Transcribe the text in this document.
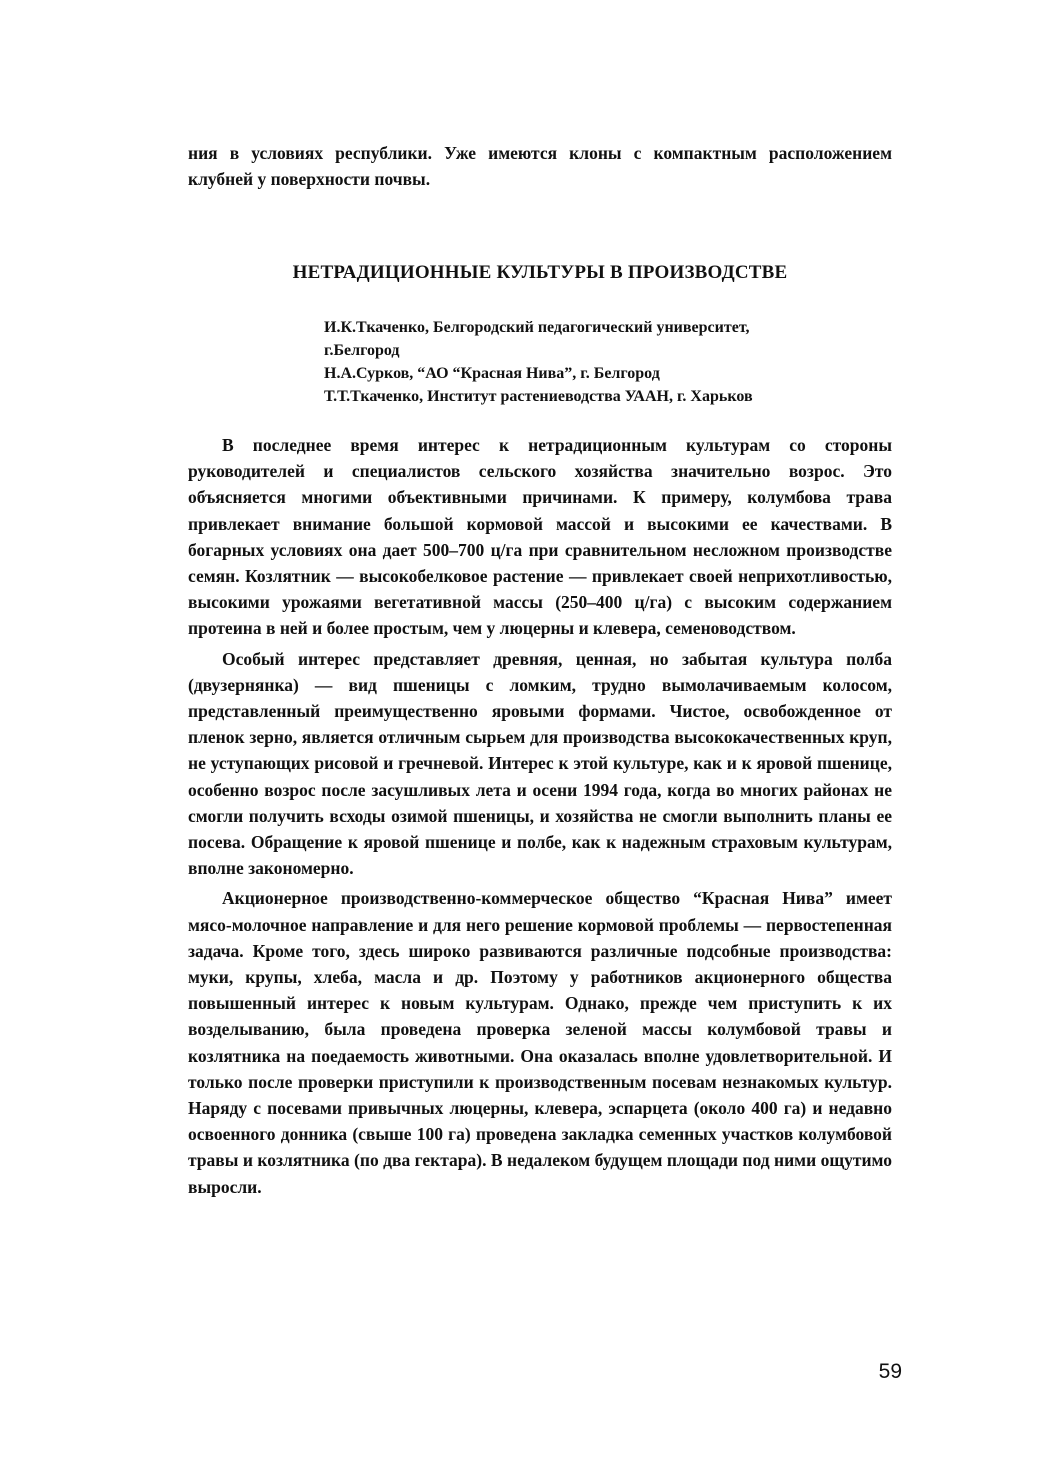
ния в условиях республики. Уже имеются клоны с компактным расположением клубней у поверхности почвы.

НЕТРАДИЦИОННЫЕ КУЛЬТУРЫ В ПРОИЗВОДСТВЕ
И.К.Ткаченко, Белгородский педагогический университет,
г.Белгород
Н.А.Сурков, “АО “Красная Нива”, г. Белгород
Т.Т.Ткаченко, Институт растениеводства УААН, г. Харьков

В последнее время интерес к нетрадиционным культурам со стороны руководителей и специалистов сельского хозяйства значительно возрос. Это объясняется многими объективными причинами. К примеру, колумбова трава привлекает внимание большой кормовой массой и высокими ее качествами. В богарных условиях она дает 500–700 ц/га при сравнительном несложном производстве семян. Козлятник — высокобелковое растение — привлекает своей неприхотливостью, высокими урожаями вегетативной массы (250–400 ц/га) с высоким содержанием протеина в ней и более простым, чем у люцерны и клевера, семеноводством.

Особый интерес представляет древняя, ценная, но забытая культура полба (двузернянка) — вид пшеницы с ломким, трудно вымолачиваемым колосом, представленный преимущественно яровыми формами. Чистое, освобожденное от пленок зерно, является отличным сырьем для производства высококачественных круп, не уступающих рисовой и гречневой. Интерес к этой культуре, как и к яровой пшенице, особенно возрос после засушливых лета и осени 1994 года, когда во многих районах не смогли получить всходы озимой пшеницы, и хозяйства не смогли выполнить планы ее посева. Обращение к яровой пшенице и полбе, как к надежным страховым культурам, вполне закономерно.

Акционерное производственно-коммерческое общество “Красная Нива” имеет мясо-молочное направление и для него решение кормовой проблемы — первостепенная задача. Кроме того, здесь широко развиваются различные подсобные производства: муки, крупы, хлеба, масла и др. Поэтому у работников акционерного общества повышенный интерес к новым культурам. Однако, прежде чем приступить к их возделыванию, была проведена проверка зеленой массы колумбовой травы и козлятника на поедаемость животными. Она оказалась вполне удовлетворительной. И только после проверки приступили к производственным посевам незнакомых культур. Наряду с посевами привычных люцерны, клевера, эспарцета (около 400 га) и недавно освоенного донника (свыше 100 га) проведена закладка семенных участков колумбовой травы и козлятника (по два гектара). В недалеком будущем площади под ними ощутимо выросли.

59
